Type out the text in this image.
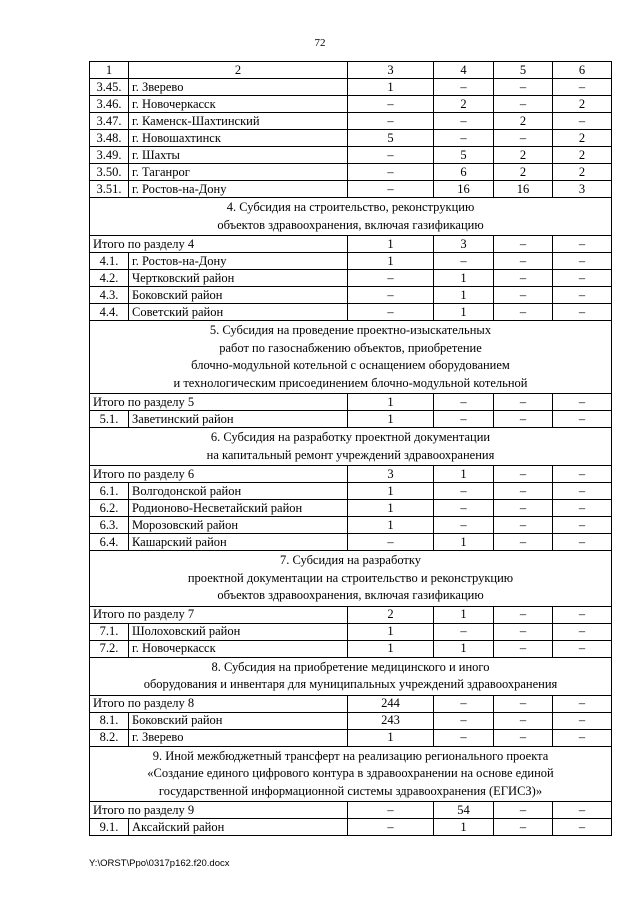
72
1	2	3	4	5	6
3.45.	г. Зверево	1	–	–	–
3.46.	г. Новочеркасск	–	2	–	2
3.47.	г. Каменск-Шахтинский	–	–	2	–
3.48.	г. Новошахтинск	5	–	–	2
3.49.	г. Шахты	–	5	2	2
3.50.	г. Таганрог	–	6	2	2
3.51.	г. Ростов-на-Дону	–	16	16	3

4. Субсидия на строительство, реконструкцию
объектов здравоохранения, включая газификацию					

Итого по разделу 4		1	3	–	–
4.1.	г. Ростов-на-Дону	1	–	–	–
4.2.	Чертковский район	–	1	–	–
4.3.	Боковский район	–	1	–	–
4.4.	Советский район	–	1	–	–

5. Субсидия на проведение проектно-изыскательных
работ по газоснабжению объектов, приобретение
блочно-модульной котельной с оснащением оборудованием
и технологическим присоединением блочно-модульной котельной					

Итого по разделу 5		1	–	–	–
5.1.	Заветинский район	1	–	–	–

6. Субсидия на разработку проектной документации
на капитальный ремонт учреждений здравоохранения					

Итого по разделу 6		3	1	–	–
6.1.	Волгодонской район	1	–	–	–
6.2.	Родионово-Несветайский район	1	–	–	–
6.3.	Морозовский район	1	–	–	–
6.4.	Кашарский район	–	1	–	–

7. Субсидия на разработку
проектной документации на строительство и реконструкцию
объектов здравоохранения, включая газификацию					

Итого по разделу 7		2	1	–	–
7.1.	Шолоховский район	1	–	–	–
7.2.	г. Новочеркасск	1	1	–	–

8. Субсидия на приобретение медицинского и иного
оборудования и инвентаря для муниципальных учреждений здравоохранения					

Итого по разделу 8		244	–	–	–
8.1.	Боковский район	243	–	–	–
8.2.	г. Зверево	1	–	–	–

9. Иной межбюджетный трансферт на реализацию регионального проекта
«Создание единого цифрового контура в здравоохранении на основе единой
государственной информационной системы здравоохранения (ЕГИСЗ)»					

Итого по разделу 9		–	54	–	–
9.1.	Аксайский район	–	1	–	–
Y:\ORST\Ppo\0317p162.f20.docx
